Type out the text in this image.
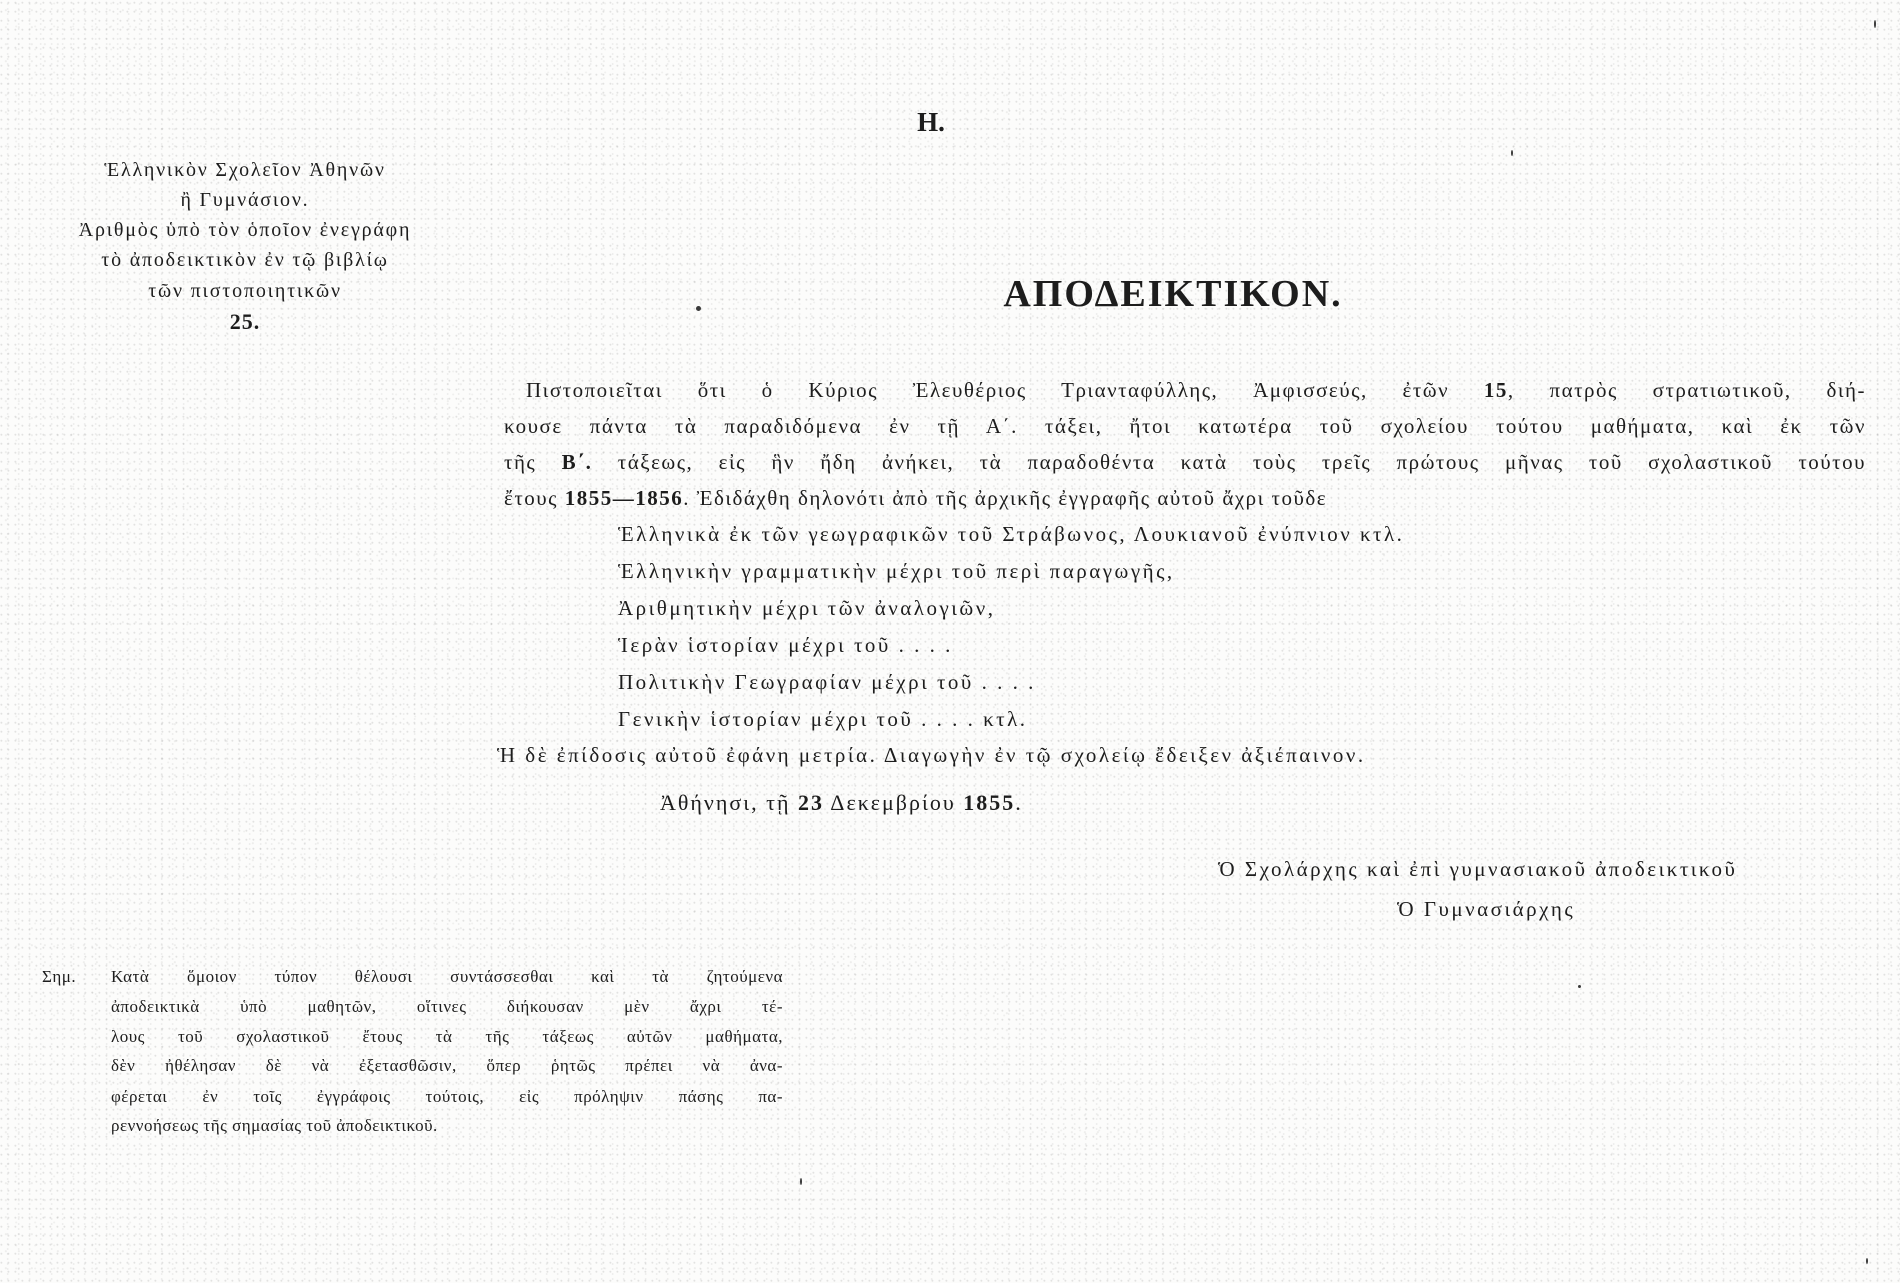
Η.
Ἑλληνικὸν Σχολεῖον Ἀθηνῶν
ἢ Γυμνάσιον.
Ἀριθμὸς ὑπὸ τὸν ὁποῖον ἐνεγράφη
τὸ ἀποδεικτικὸν ἐν τῷ βιβλίῳ
τῶν πιστοποιητικῶν
25.
ΑΠΟΔΕΙΚΤΙΚΟΝ.
Πιστοποιεῖται ὅτι ὁ Κύριος Ἐλευθέριος Τριανταφύλλης, Ἀμφισσεύς, ἐτῶν 15, πατρὸς στρατιωτικοῦ, διή-
κουσε πάντα τὰ παραδιδόμενα ἐν τῇ Α΄. τάξει, ἤτοι κατωτέρα τοῦ σχολείου τούτου μαθήματα, καὶ ἐκ τῶν
τῆς Β΄. τάξεως, εἰς ἣν ἤδη ἀνήκει, τὰ παραδοθέντα κατὰ τοὺς τρεῖς πρώτους μῆνας τοῦ σχολαστικοῦ τούτου
ἔτους 1855—1856. Ἐδιδάχθη δηλονότι ἀπὸ τῆς ἀρχικῆς ἐγγραφῆς αὐτοῦ ἄχρι τοῦδε
Ἑλληνικὰ ἐκ τῶν γεωγραφικῶν τοῦ Στράβωνος, Λουκιανοῦ ἐνύπνιον κτλ.
Ἑλληνικὴν γραμματικὴν μέχρι τοῦ περὶ παραγωγῆς,
Ἀριθμητικὴν μέχρι τῶν ἀναλογιῶν,
Ἱερὰν ἱστορίαν μέχρι τοῦ . . . .
Πολιτικὴν Γεωγραφίαν μέχρι τοῦ . . . .
Γενικὴν ἱστορίαν μέχρι τοῦ . . . . κτλ.
Ἡ δὲ ἐπίδοσις αὐτοῦ ἐφάνη μετρία. Διαγωγὴν ἐν τῷ σχολείῳ ἔδειξεν ἀξιέπαινον.
Ἀθήνησι, τῇ 23 Δεκεμβρίου 1855.
Ὁ Σχολάρχης καὶ ἐπὶ γυμνασιακοῦ ἀποδεικτικοῦ
Ὁ Γυμνασιάρχης
Σημ. Κατὰ ὅμοιον τύπον θέλουσι συντάσσεσθαι καὶ τὰ ζητούμενα
ἀποδεικτικὰ ὑπὸ μαθητῶν, οἵτινες διήκουσαν μὲν ἄχρι τέ-
λους τοῦ σχολαστικοῦ ἔτους τὰ τῆς τάξεως αὐτῶν μαθήματα,
δὲν ἠθέλησαν δὲ νὰ ἐξετασθῶσιν, ὅπερ ῥητῶς πρέπει νὰ ἀνα-
φέρεται ἐν τοῖς ἐγγράφοις τούτοις, εἰς πρόληψιν πάσης πα-
ρεννοήσεως τῆς σημασίας τοῦ ἀποδεικτικοῦ.
